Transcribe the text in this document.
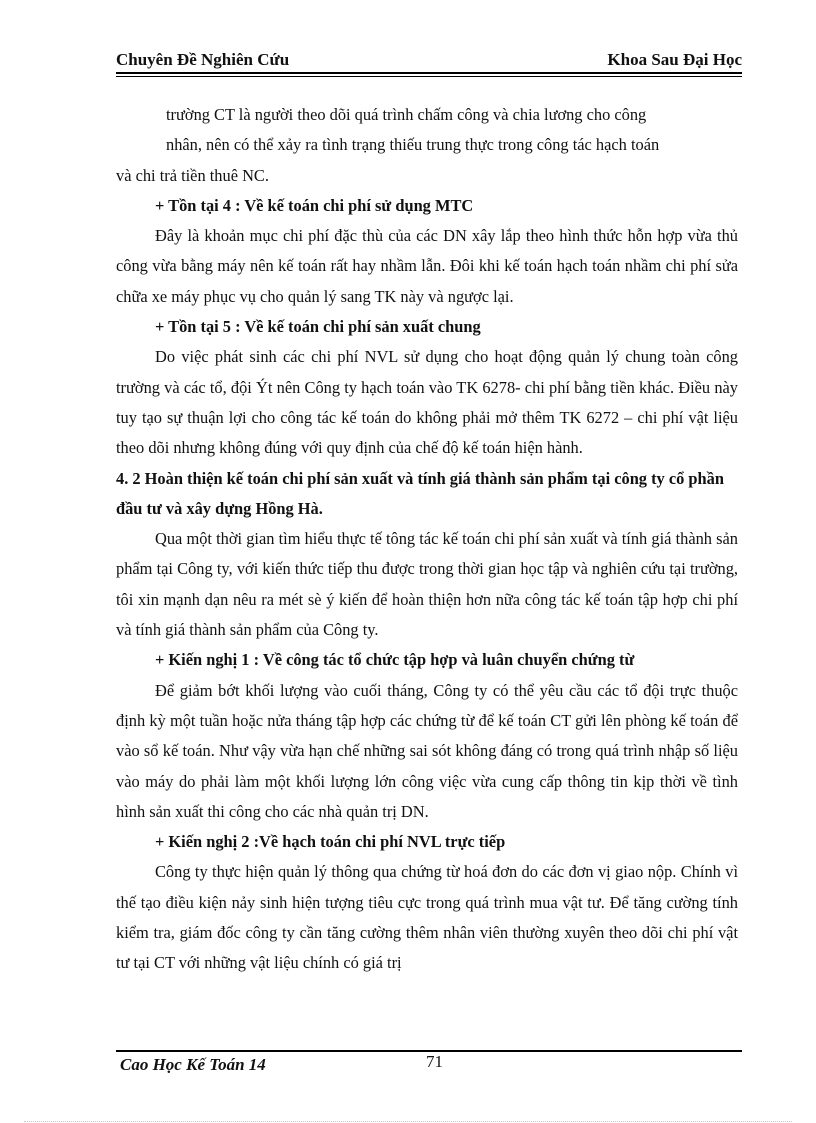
Chuyên Đề Nghiên Cứu	Khoa Sau Đại Học

trường CT là người theo dõi quá trình chấm công và chia lương cho công

nhân, nên có thể xảy ra tình trạng thiếu trung thực trong công tác hạch toán

và chi trả tiền thuê NC.

+ Tồn tại 4 : Về kế toán chi phí sử dụng MTC

Đây là khoản mục chi phí đặc thù của các DN xây lắp theo hình thức hỗn hợp vừa thủ công vừa bằng máy nên kế toán rất hay nhầm lẫn. Đôi khi kế toán hạch toán nhầm chi phí sửa chữa xe máy phục vụ cho quản lý sang TK này và ngược lại.

+ Tồn tại 5 : Về kế toán chi phí sản xuất chung

Do việc phát sinh các chi phí NVL sử dụng cho hoạt động quản lý chung toàn công trường và các tổ, đội Ýt nên Công ty hạch toán vào TK 6278- chi phí bằng tiền khác. Điều này tuy tạo sự thuận lợi cho công tác kế toán do không phải mở thêm TK 6272 – chi phí vật liệu theo dõi nhưng không đúng với quy định của chế độ kế toán hiện hành.

4. 2 Hoàn thiện kế toán chi phí sản xuất và tính giá thành sản phẩm tại công ty cổ phần đầu tư và xây dựng Hồng Hà.

Qua một thời gian tìm hiểu thực tế tông tác kế toán chi phí sản xuất và tính giá thành sản phẩm tại Công ty, với kiến thức tiếp thu được trong thời gian học tập và nghiên cứu tại trường, tôi xin mạnh dạn nêu ra mét sè ý kiến để hoàn thiện hơn nữa công tác kế toán tập hợp chi phí và tính giá thành sản phẩm của Công ty.

+ Kiến nghị 1 : Về công tác tổ chức tập hợp và luân chuyển chứng từ

Để giảm bớt khối lượng vào cuối tháng, Công ty có thể yêu cầu các tổ đội trực thuộc định kỳ một tuần hoặc nửa tháng tập hợp các chứng từ để kế toán CT gửi lên phòng kế toán để vào sổ kế toán. Như vậy vừa hạn chế những sai sót không đáng có trong quá trình nhập số liệu vào máy do phải làm một khối lượng lớn công việc vừa cung cấp thông tin kịp thời về tình hình sản xuất thi công cho các nhà quản trị DN.

+ Kiến nghị 2 :Về hạch toán chi phí NVL trực tiếp

Công ty thực hiện quản lý thông qua chứng từ hoá đơn do các đơn vị giao nộp. Chính vì thế tạo điều kiện nảy sinh hiện tượng tiêu cực trong quá trình mua vật tư. Để tăng cường tính kiểm tra, giám đốc công ty cần tăng cường thêm nhân viên thường xuyên theo dõi chi phí vật tư tại CT với những vật liệu chính có giá trị

Cao Học Kế Toán 14	71
